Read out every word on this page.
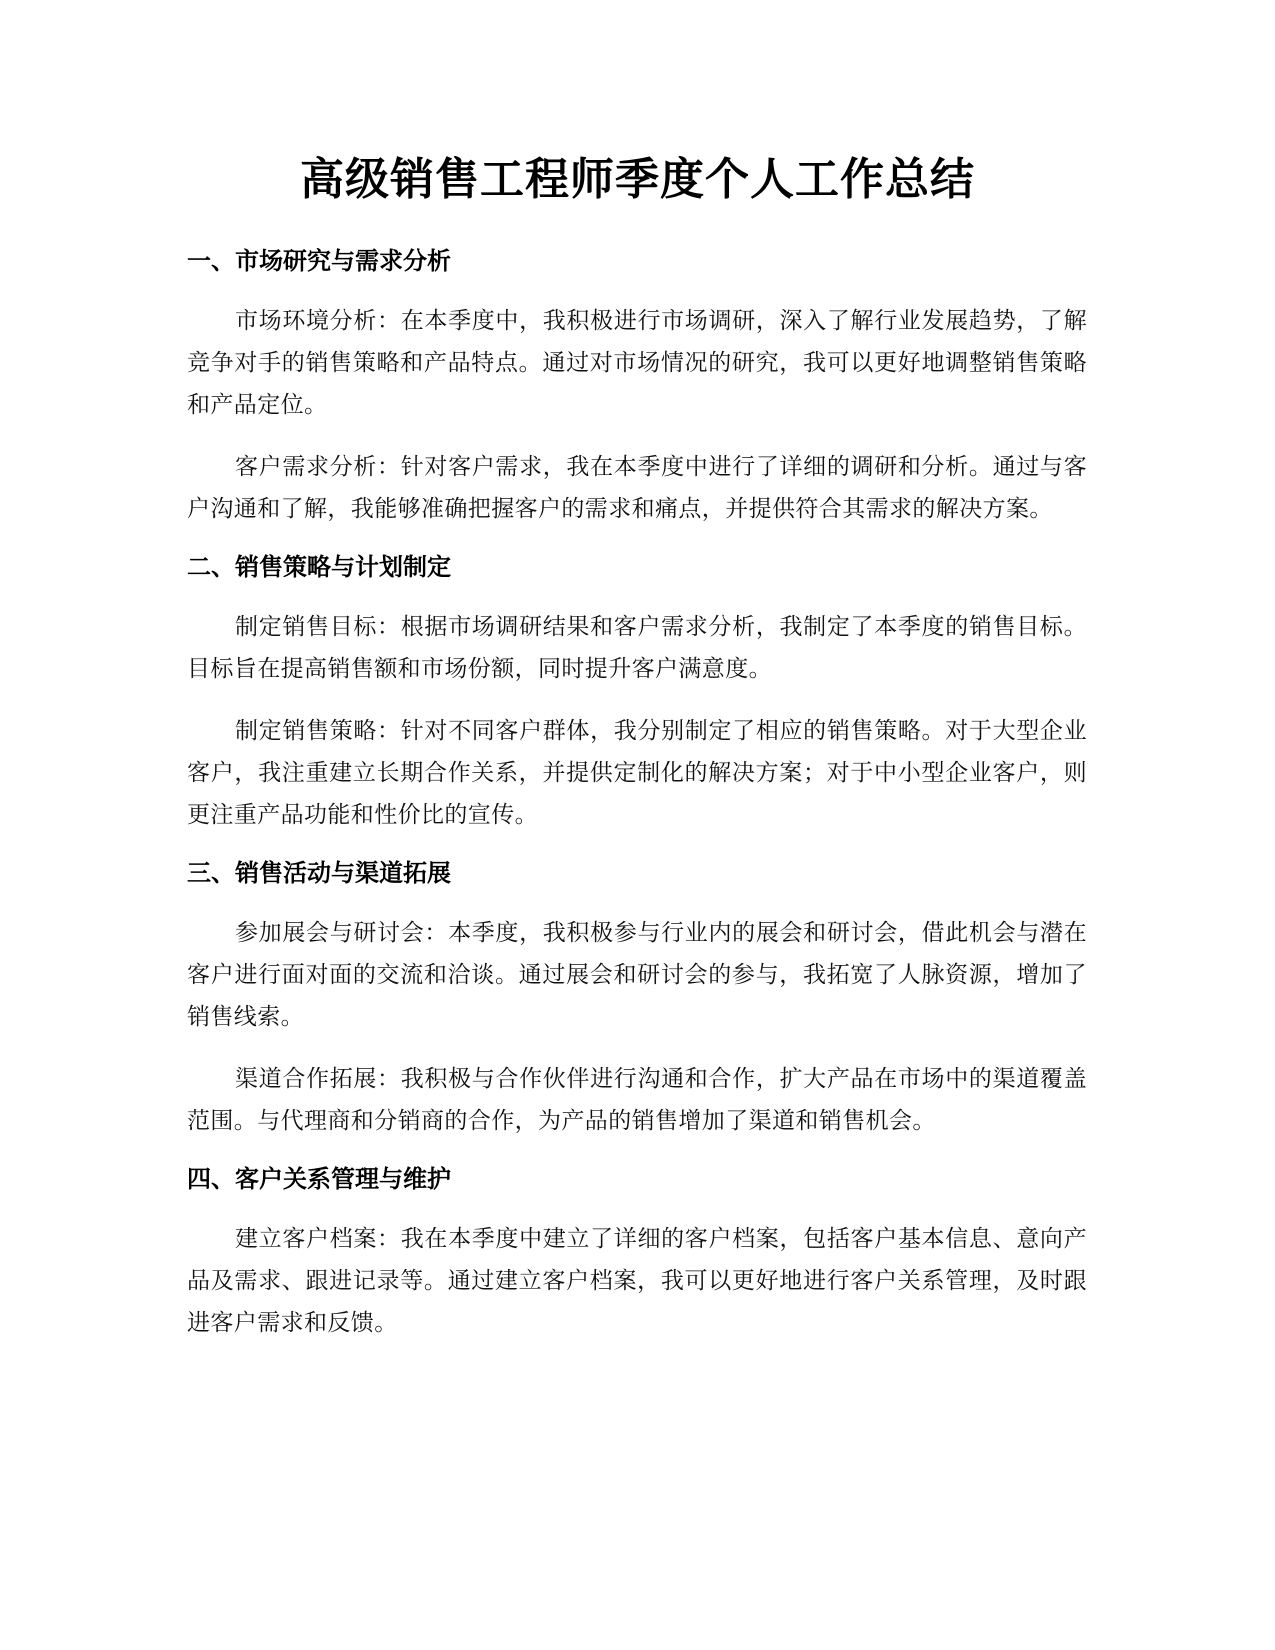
高级销售工程师季度个人工作总结
一、市场研究与需求分析

市场环境分析：在本季度中，我积极进行市场调研，深入了解行业发展趋势，了解竞争对手的销售策略和产品特点。通过对市场情况的研究，我可以更好地调整销售策略和产品定位。

客户需求分析：针对客户需求，我在本季度中进行了详细的调研和分析。通过与客户沟通和了解，我能够准确把握客户的需求和痛点，并提供符合其需求的解决方案。

二、销售策略与计划制定

制定销售目标：根据市场调研结果和客户需求分析，我制定了本季度的销售目标。目标旨在提高销售额和市场份额，同时提升客户满意度。

制定销售策略：针对不同客户群体，我分别制定了相应的销售策略。对于大型企业客户，我注重建立长期合作关系，并提供定制化的解决方案；对于中小型企业客户，则更注重产品功能和性价比的宣传。

三、销售活动与渠道拓展

参加展会与研讨会：本季度，我积极参与行业内的展会和研讨会，借此机会与潜在客户进行面对面的交流和洽谈。通过展会和研讨会的参与，我拓宽了人脉资源，增加了销售线索。

渠道合作拓展：我积极与合作伙伴进行沟通和合作，扩大产品在市场中的渠道覆盖范围。与代理商和分销商的合作，为产品的销售增加了渠道和销售机会。

四、客户关系管理与维护

建立客户档案：我在本季度中建立了详细的客户档案，包括客户基本信息、意向产品及需求、跟进记录等。通过建立客户档案，我可以更好地进行客户关系管理，及时跟进客户需求和反馈。
